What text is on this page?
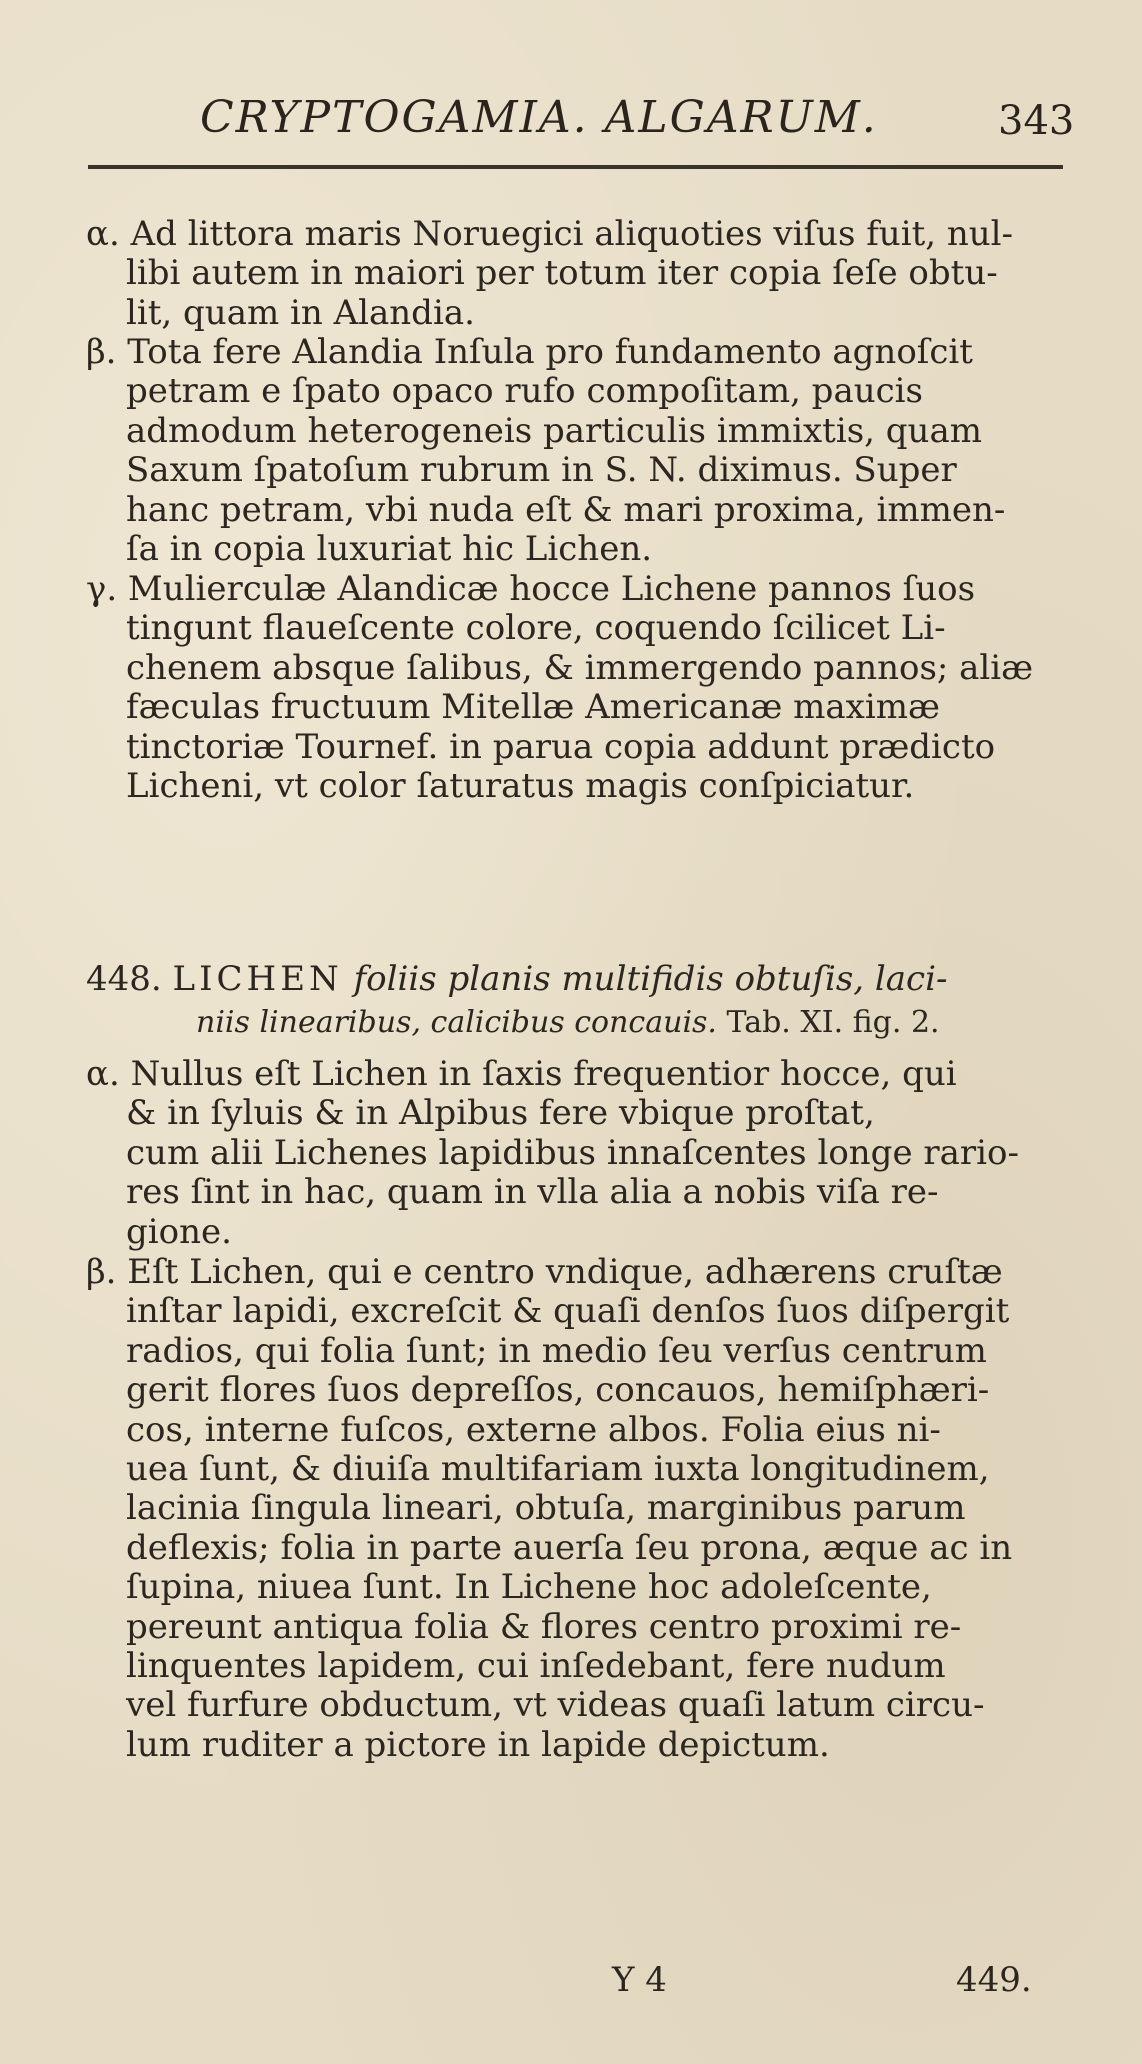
CRYPTOGAMIA. ALGARUM.	343
α. Ad littora maris Noruegici aliquoties viſus fuit, nul-
libi autem in maiori per totum iter copia ſeſe obtu-
lit, quam in Alandia.
β. Tota fere Alandia Inſula pro fundamento agnoſcit
petram e ſpato opaco rufo compoſitam, paucis
admodum heterogeneis particulis immixtis, quam
Saxum ſpatoſum rubrum in S. N. diximus. Super
hanc petram, vbi nuda eſt & mari proxima, immen-
ſa in copia luxuriat hic Lichen.
γ. Mulierculæ Alandicæ hocce Lichene pannos ſuos
tingunt flaueſcente colore, coquendo ſcilicet Li-
chenem absque ſalibus, & immergendo pannos; aliæ
fæculas fructuum Mitellæ Americanæ maximæ
tinctoriæ Tournef. in parua copia addunt prædicto
Licheni, vt color ſaturatus magis conſpiciatur.
448. LICHEN foliis planis multifidis obtuſis, laci-
niis linearibus, calicibus concauis. Tab. XI. fig. 2.
α. Nullus eſt Lichen in ſaxis frequentior hocce, qui
& in ſyluis & in Alpibus fere vbique proſtat,
cum alii Lichenes lapidibus innaſcentes longe rario-
res ſint in hac, quam in vlla alia a nobis viſa re-
gione.
β. Eſt Lichen, qui e centro vndique, adhærens cruſtæ
inſtar lapidi, excreſcit & quaſi denſos ſuos diſpergit
radios, qui folia ſunt; in medio ſeu verſus centrum
gerit flores ſuos depreſſos, concauos, hemiſphæri-
cos, interne fuſcos, externe albos. Folia eius ni-
uea ſunt, & diuiſa multifariam iuxta longitudinem,
lacinia ſingula lineari, obtuſa, marginibus parum
deflexis; folia in parte auerſa ſeu prona, æque ac in
ſupina, niuea ſunt. In Lichene hoc adoleſcente,
pereunt antiqua folia & flores centro proximi re-
linquentes lapidem, cui inſedebant, fere nudum
vel furfure obductum, vt videas quaſi latum circu-
lum ruditer a pictore in lapide depictum.
Y 4	449.
